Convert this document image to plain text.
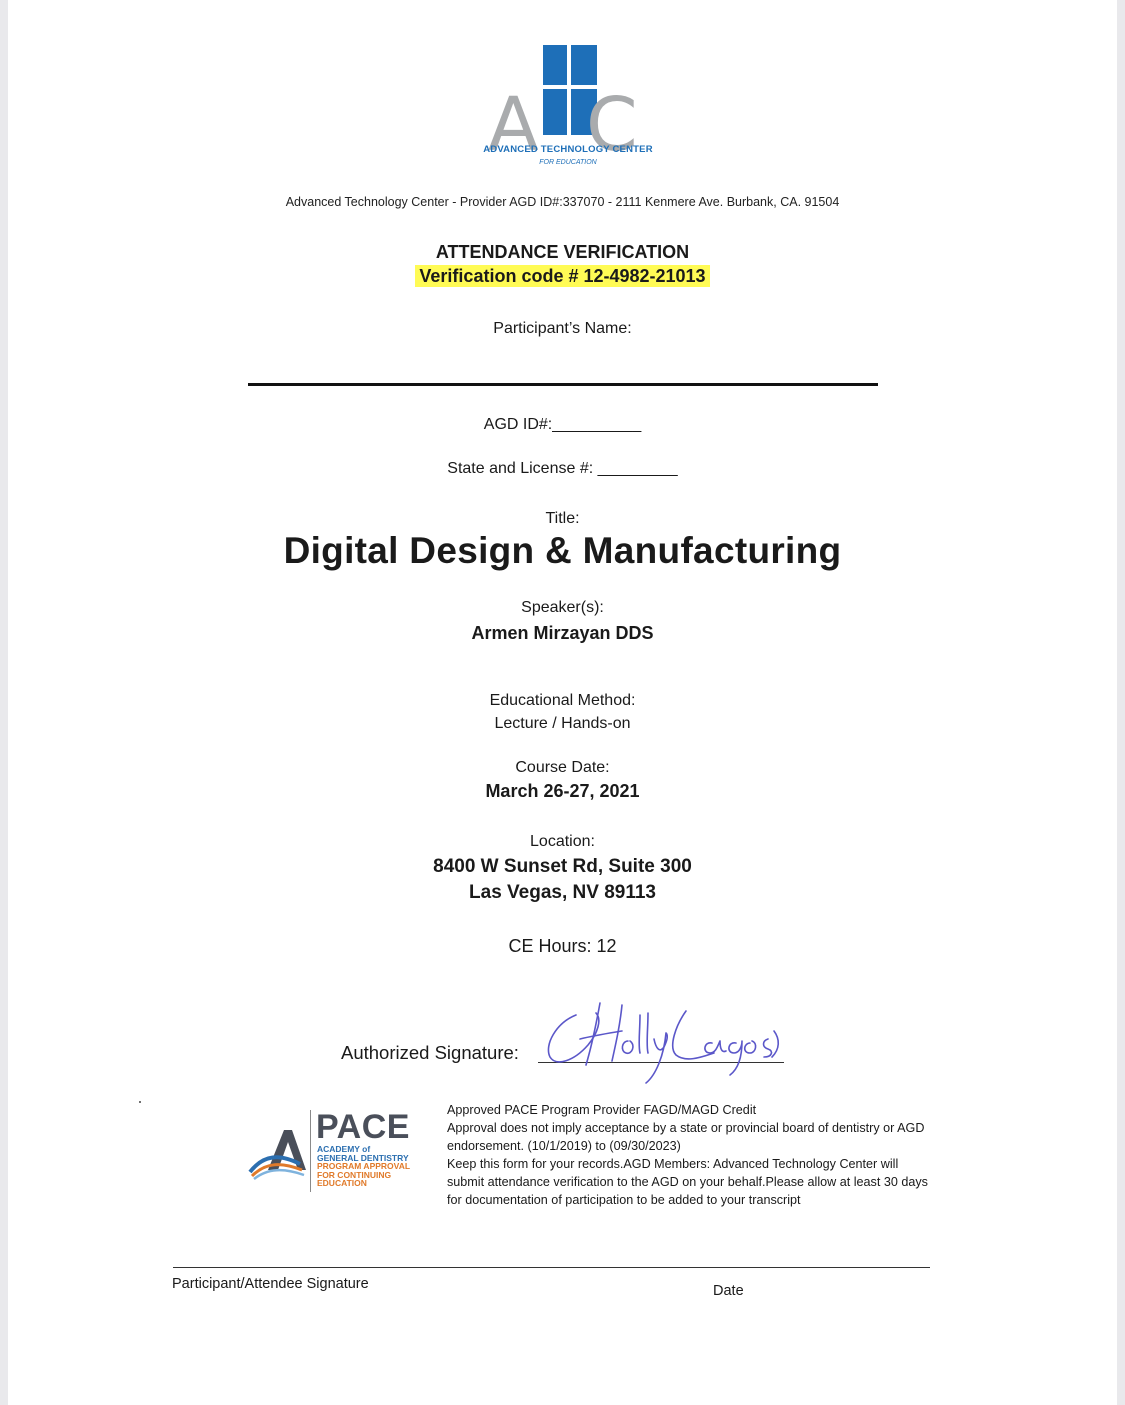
A C
ADVANCED TECHNOLOGY CENTER
FOR EDUCATION
Advanced Technology Center - Provider AGD ID#:337070 - 2111 Kenmere Ave. Burbank, CA. 91504
ATTENDANCE VERIFICATION
Verification code # 12-4982-21013
Participant’s Name:
AGD ID#:__________
State and License #: _________
Title:
Digital Design & Manufacturing
Speaker(s):
Armen Mirzayan DDS
Educational Method:
Lecture / Hands-on
Course Date:
March 26-27, 2021
Location:
8400 W Sunset Rd, Suite 300
Las Vegas, NV 89113
CE Hours: 12
Authorized Signature:
PACE
ACADEMY of
GENERAL DENTISTRY
PROGRAM APPROVAL
FOR CONTINUING
EDUCATION
Approved PACE Program Provider FAGD/MAGD Credit
Approval does not imply acceptance by a state or provincial board of dentistry or AGD
endorsement. (10/1/2019) to (09/30/2023)
Keep this form for your records.AGD Members: Advanced Technology Center will
submit attendance verification to the AGD on your behalf.Please allow at least 30 days
for documentation of participation to be added to your transcript
Participant/Attendee Signature	Date
